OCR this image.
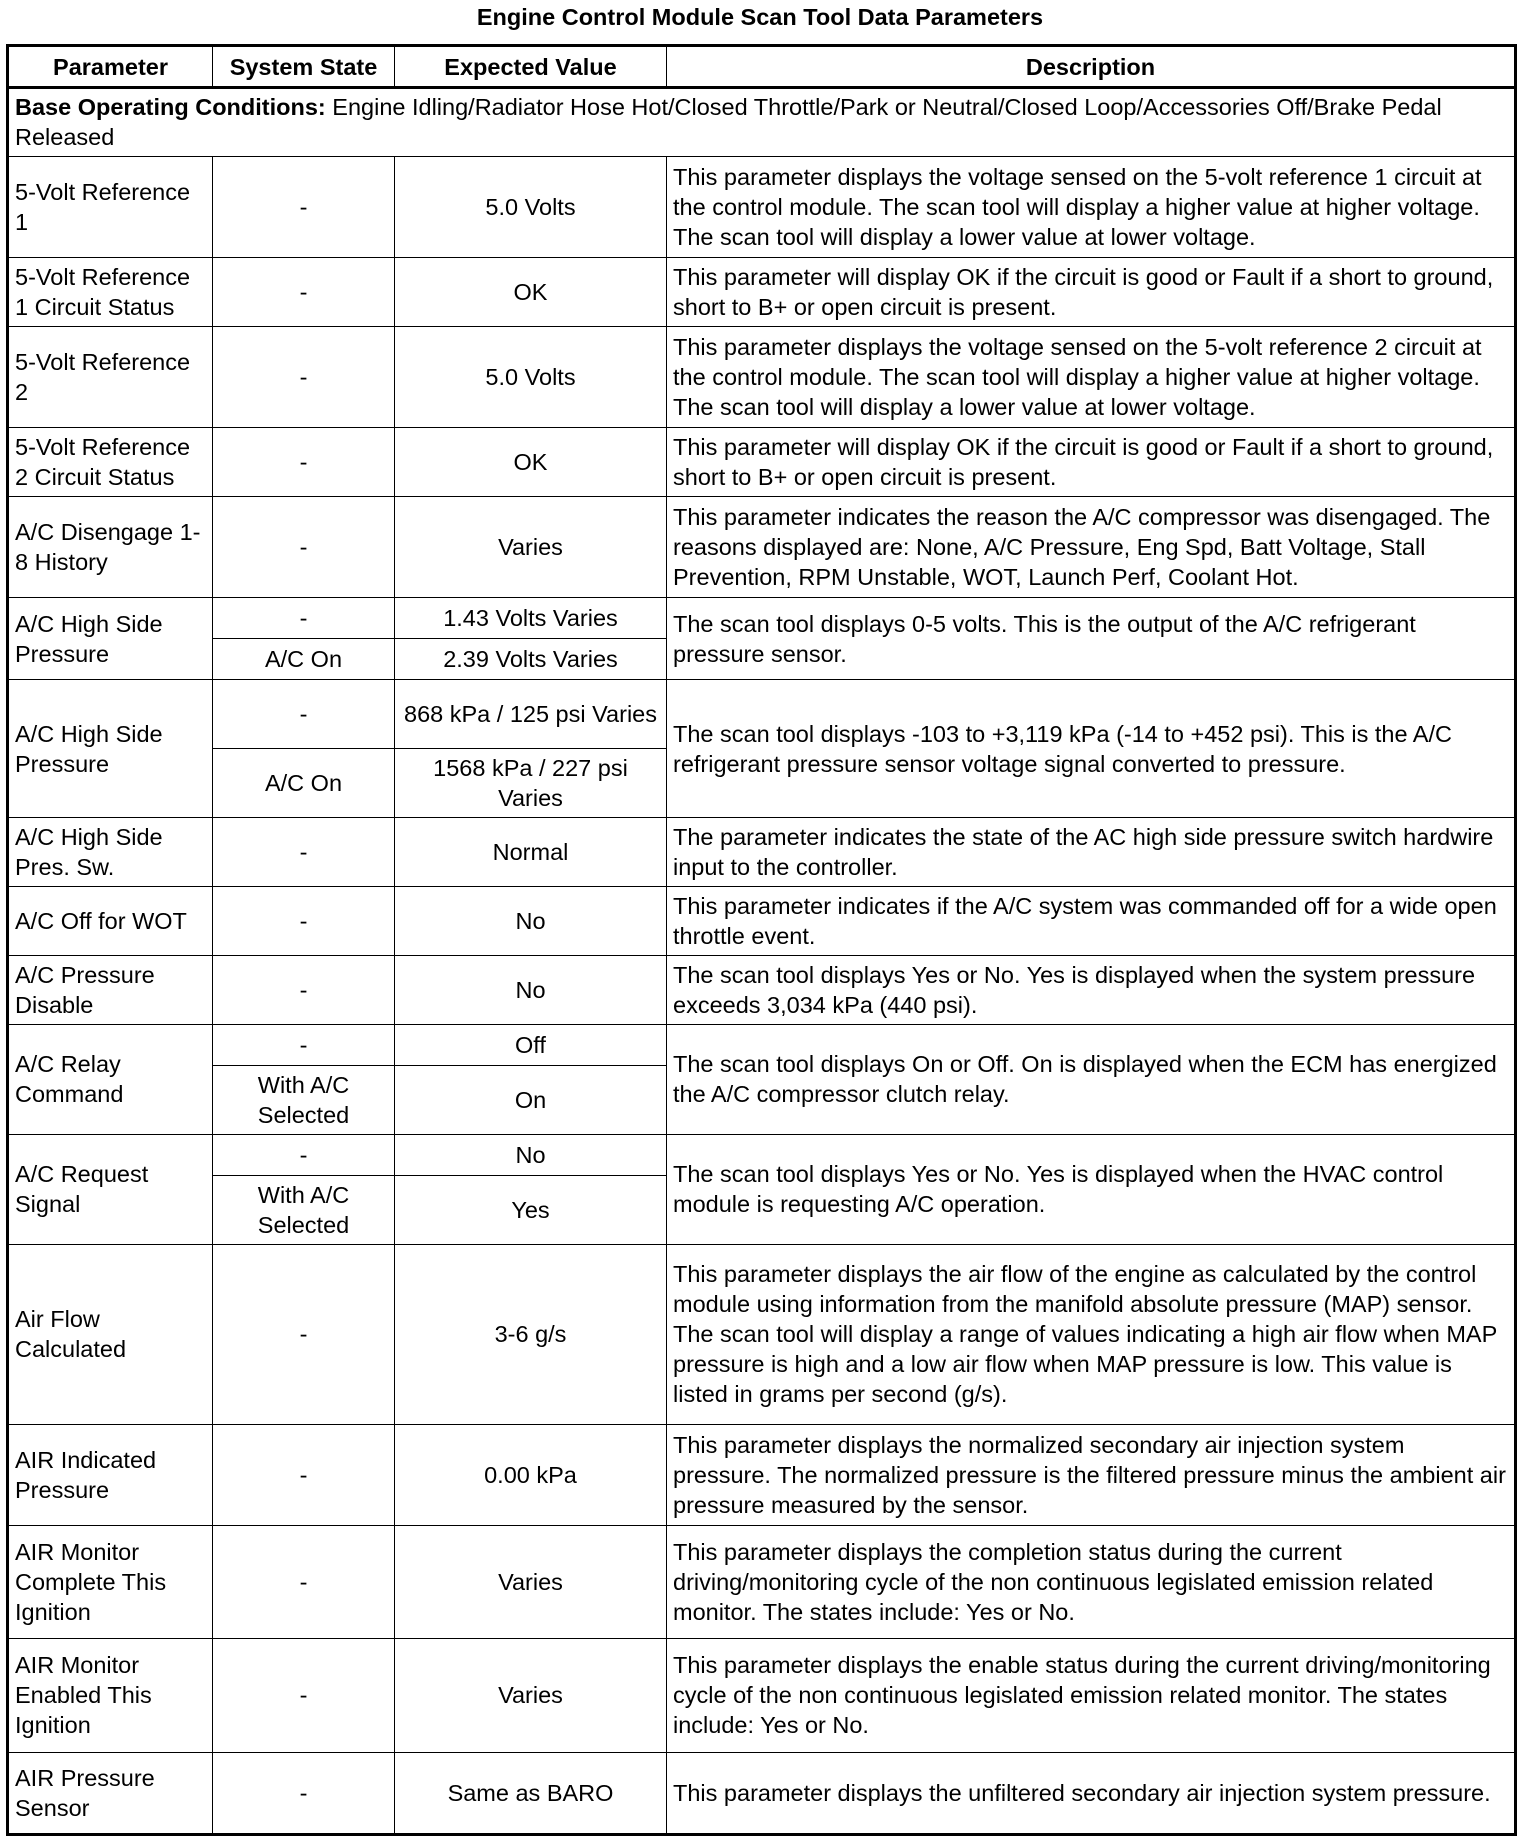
Engine Control Module Scan Tool Data Parameters
Parameter	System State	Expected Value	Description
Base Operating Conditions: Engine Idling/Radiator Hose Hot/Closed Throttle/Park or Neutral/Closed Loop/Accessories Off/Brake Pedal Released			
5-Volt Reference 1	-	5.0 Volts	This parameter displays the voltage sensed on the 5-volt reference 1 circuit at the control module. The scan tool will display a higher value at higher voltage. The scan tool will display a lower value at lower voltage.
5-Volt Reference 1 Circuit Status	-	OK	This parameter will display OK if the circuit is good or Fault if a short to ground, short to B+ or open circuit is present.
5-Volt Reference 2	-	5.0 Volts	This parameter displays the voltage sensed on the 5-volt reference 2 circuit at the control module. The scan tool will display a higher value at higher voltage. The scan tool will display a lower value at lower voltage.
5-Volt Reference 2 Circuit Status	-	OK	This parameter will display OK if the circuit is good or Fault if a short to ground, short to B+ or open circuit is present.
A/C Disengage 1-8 History	-	Varies	This parameter indicates the reason the A/C compressor was disengaged. The reasons displayed are: None, A/C Pressure, Eng Spd, Batt Voltage, Stall Prevention, RPM Unstable, WOT, Launch Perf, Coolant Hot.
A/C High Side Pressure	-	1.43 Volts Varies	The scan tool displays 0-5 volts. This is the output of the A/C refrigerant pressure sensor.
	A/C On	2.39 Volts Varies	
A/C High Side Pressure	-	868 kPa / 125 psi Varies	The scan tool displays -103 to +3,119 kPa (-14 to +452 psi). This is the A/C refrigerant pressure sensor voltage signal converted to pressure.
	A/C On	1568 kPa / 227 psi Varies	
A/C High Side Pres. Sw.	-	Normal	The parameter indicates the state of the AC high side pressure switch hardwire input to the controller.
A/C Off for WOT	-	No	This parameter indicates if the A/C system was commanded off for a wide open throttle event.
A/C Pressure Disable	-	No	The scan tool displays Yes or No. Yes is displayed when the system pressure exceeds 3,034 kPa (440 psi).
A/C Relay Command	-	Off	The scan tool displays On or Off. On is displayed when the ECM has energized the A/C compressor clutch relay.
	With A/C Selected	On	
A/C Request Signal	-	No	The scan tool displays Yes or No. Yes is displayed when the HVAC control module is requesting A/C operation.
	With A/C Selected	Yes	
Air Flow Calculated	-	3-6 g/s	This parameter displays the air flow of the engine as calculated by the control module using information from the manifold absolute pressure (MAP) sensor. The scan tool will display a range of values indicating a high air flow when MAP pressure is high and a low air flow when MAP pressure is low. This value is listed in grams per second (g/s).
AIR Indicated Pressure	-	0.00 kPa	This parameter displays the normalized secondary air injection system pressure. The normalized pressure is the filtered pressure minus the ambient air pressure measured by the sensor.
AIR Monitor Complete This Ignition	-	Varies	This parameter displays the completion status during the current driving/monitoring cycle of the non continuous legislated emission related monitor. The states include: Yes or No.
AIR Monitor Enabled This Ignition	-	Varies	This parameter displays the enable status during the current driving/monitoring cycle of the non continuous legislated emission related monitor. The states include: Yes or No.
AIR Pressure Sensor	-	Same as BARO	This parameter displays the unfiltered secondary air injection system pressure.
